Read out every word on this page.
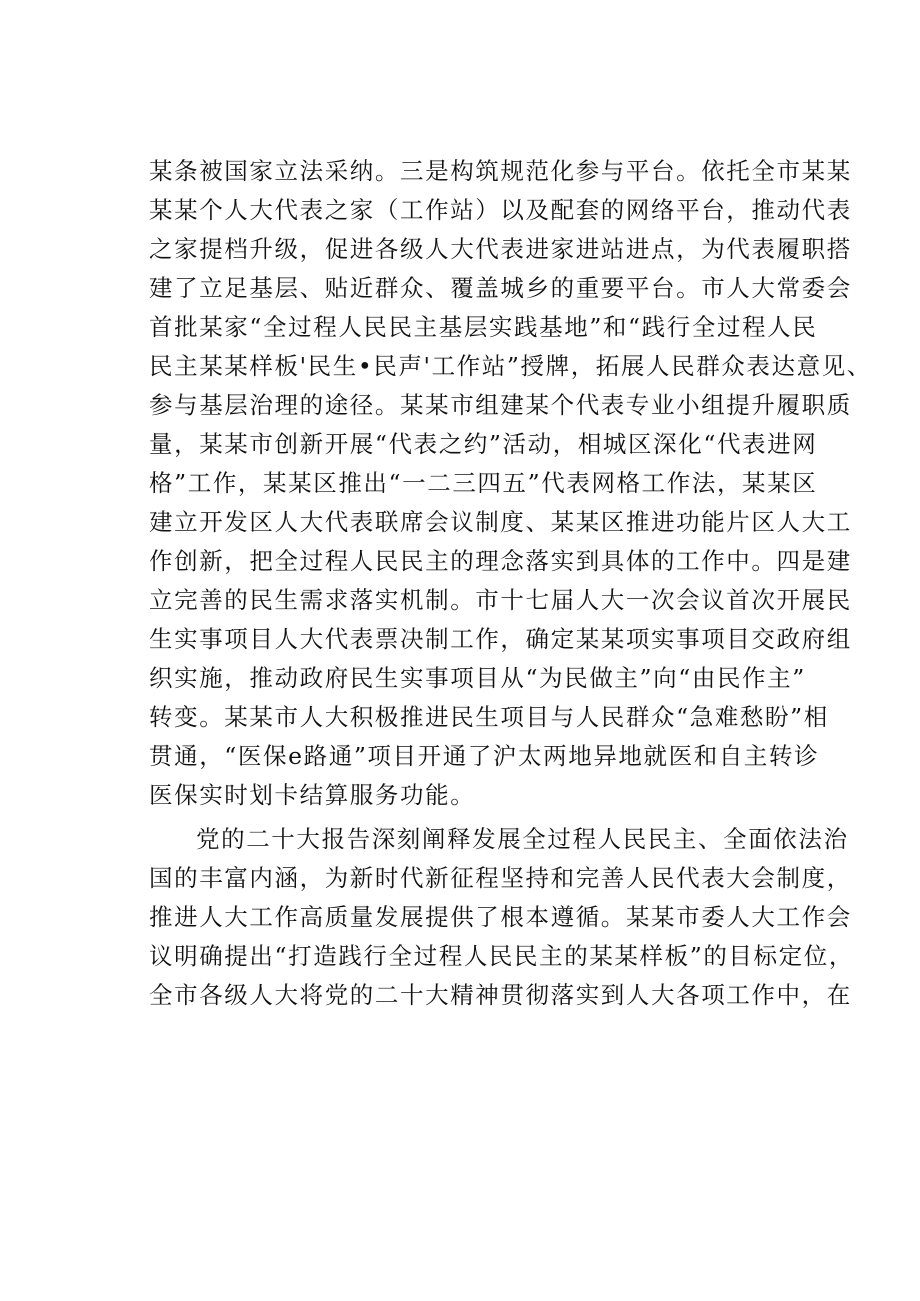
某条被国家立法采纳。三是构筑规范化参与平台。依托全市某某
某某个人大代表之家（工作站）以及配套的网络平台，推动代表
之家提档升级，促进各级人大代表进家进站进点，为代表履职搭
建了立足基层、贴近群众、覆盖城乡的重要平台。市人大常委会
首批某家“全过程人民民主基层实践基地”和“践行全过程人民
民主某某样板'民生•民声'工作站”授牌，拓展人民群众表达意见、
参与基层治理的途径。某某市组建某个代表专业小组提升履职质
量，某某市创新开展“代表之约”活动，相城区深化“代表进网
格”工作，某某区推出“一二三四五”代表网格工作法，某某区
建立开发区人大代表联席会议制度、某某区推进功能片区人大工
作创新，把全过程人民民主的理念落实到具体的工作中。四是建
立完善的民生需求落实机制。市十七届人大一次会议首次开展民
生实事项目人大代表票决制工作，确定某某项实事项目交政府组
织实施，推动政府民生实事项目从“为民做主”向“由民作主”
转变。某某市人大积极推进民生项目与人民群众“急难愁盼”相
贯通，“医保e路通”项目开通了沪太两地异地就医和自主转诊
医保实时划卡结算服务功能。
党的二十大报告深刻阐释发展全过程人民民主、全面依法治
国的丰富内涵，为新时代新征程坚持和完善人民代表大会制度，
推进人大工作高质量发展提供了根本遵循。某某市委人大工作会
议明确提出“打造践行全过程人民民主的某某样板”的目标定位，
全市各级人大将党的二十大精神贯彻落实到人大各项工作中，在
